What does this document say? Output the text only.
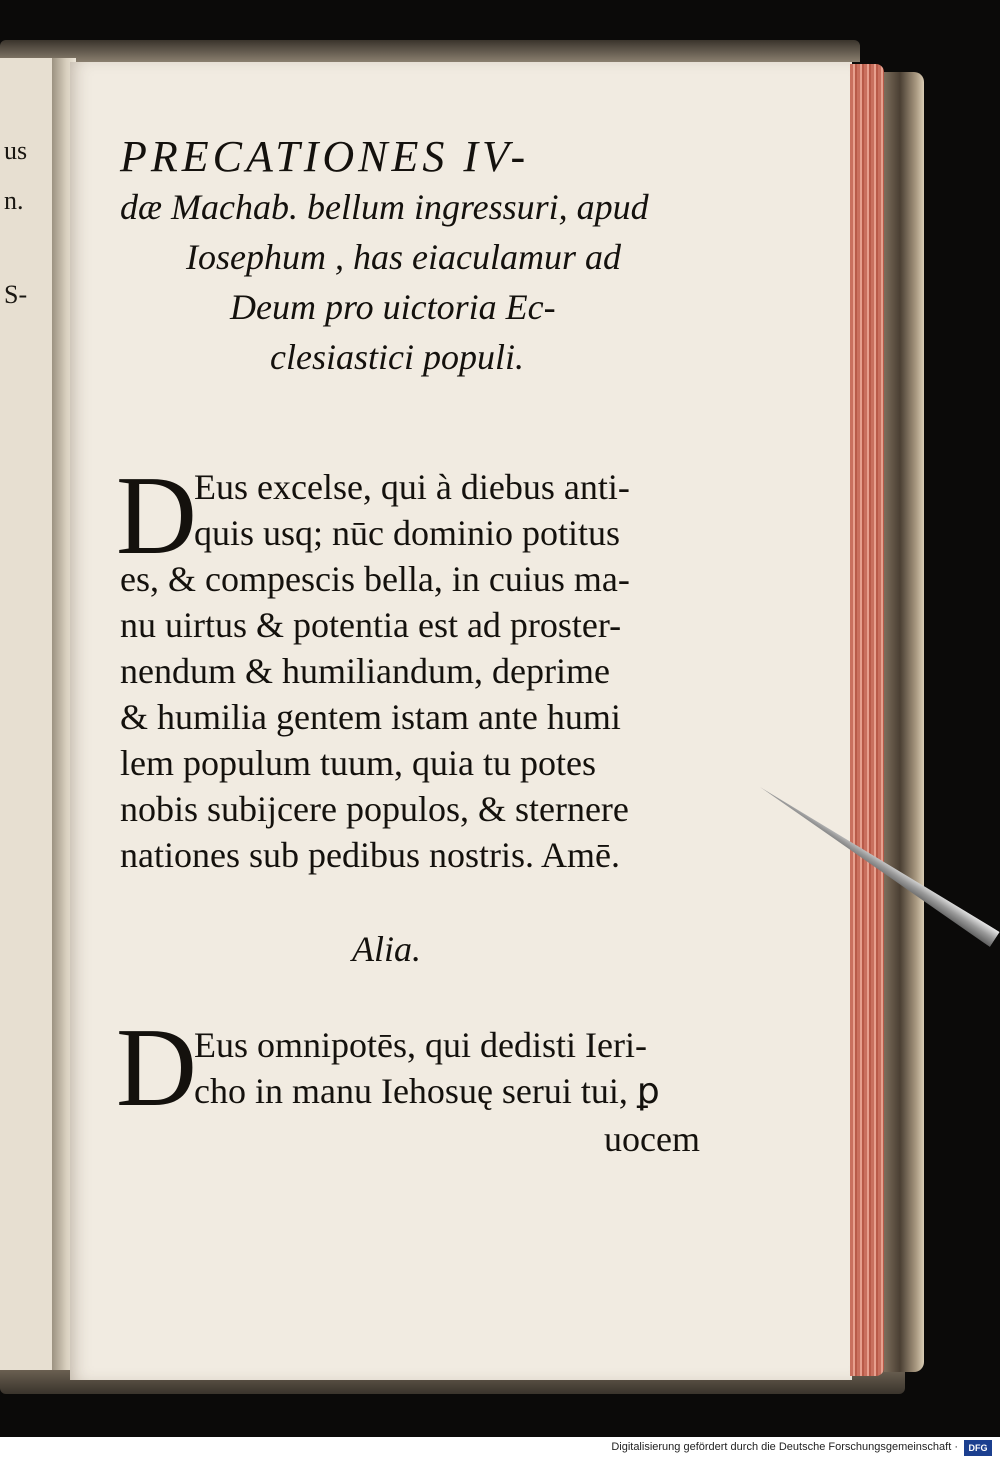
us
n.
S-
PRECATIONES IV-
dæ Machab. bellum ingressuri, apud
Iosephum , has eiaculamur ad
Deum pro uictoria Ec-
clesiastici populi.
D
Eus excelse, qui à diebus anti-
quis usq; nūc dominio potitus
es, & compescis bella, in cuius ma-
nu uirtus & potentia est ad proster-
nendum & humiliandum, deprime
& humilia gentem istam ante humi
lem populum tuum, quia tu potes
nobis subijcere populos, & sternere
nationes sub pedibus nostris. Amē.
Alia.
D
Eus omnipotēs, qui dedisti Ieri-
cho in manu Iehosuę serui tui, ꝑ
uocem
Digitalisierung gefördert durch die Deutsche Forschungsgemeinschaft ·	DFG
